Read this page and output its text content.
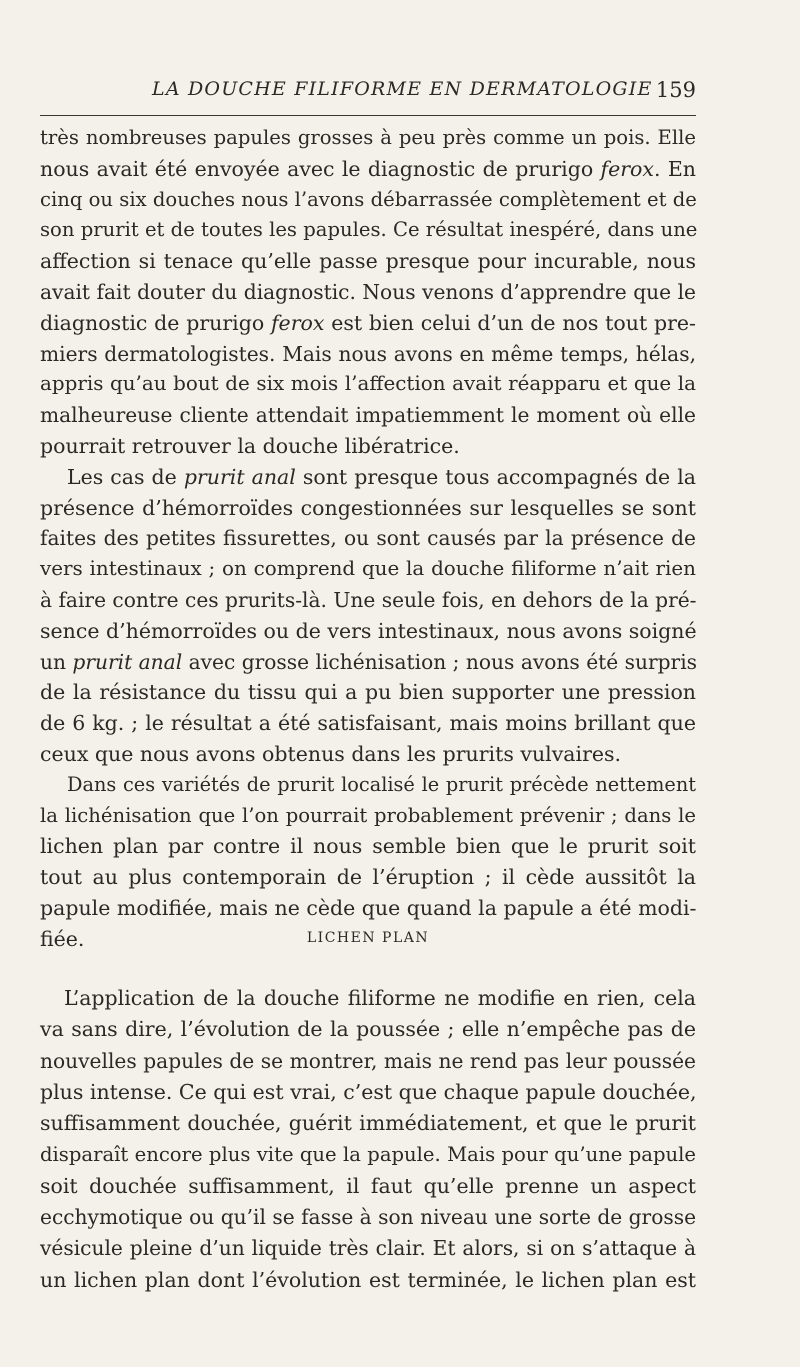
LA DOUCHE FILIFORME EN DERMATOLOGIE 159
très nombreuses papules grosses à peu près comme un pois. Elle
nous avait été envoyée avec le diagnostic de prurigo ferox. En
cinq ou six douches nous l’avons débarrassée complètement et de
son prurit et de toutes les papules. Ce résultat inespéré, dans une
affection si tenace qu’elle passe presque pour incurable, nous
avait fait douter du diagnostic. Nous venons d’apprendre que le
diagnostic de prurigo ferox est bien celui d’un de nos tout pre-
miers dermatologistes. Mais nous avons en même temps, hélas,
appris qu’au bout de six mois l’affection avait réapparu et que la
malheureuse cliente attendait impatiemment le moment où elle
pourrait retrouver la douche libératrice.
Les cas de prurit anal sont presque tous accompagnés de la
présence d’hémorroïdes congestionnées sur lesquelles se sont
faites des petites fissurettes, ou sont causés par la présence de
vers intestinaux ; on comprend que la douche filiforme n’ait rien
à faire contre ces prurits-là. Une seule fois, en dehors de la pré-
sence d’hémorroïdes ou de vers intestinaux, nous avons soigné
un prurit anal avec grosse lichénisation ; nous avons été surpris
de la résistance du tissu qui a pu bien supporter une pression
de 6 kg. ; le résultat a été satisfaisant, mais moins brillant que
ceux que nous avons obtenus dans les prurits vulvaires.
Dans ces variétés de prurit localisé le prurit précède nettement
la lichénisation que l’on pourrait probablement prévenir ; dans le
lichen plan par contre il nous semble bien que le prurit soit
tout au plus contemporain de l’éruption ; il cède aussitôt la
papule modifiée, mais ne cède que quand la papule a été modi-
fiée.	LICHEN PLAN
L’application de la douche filiforme ne modifie en rien, cela
va sans dire, l’évolution de la poussée ; elle n’empêche pas de
nouvelles papules de se montrer, mais ne rend pas leur poussée
plus intense. Ce qui est vrai, c’est que chaque papule douchée,
suffisamment douchée, guérit immédiatement, et que le prurit
disparaît encore plus vite que la papule. Mais pour qu’une papule
soit douchée suffisamment, il faut qu’elle prenne un aspect
ecchymotique ou qu’il se fasse à son niveau une sorte de grosse
vésicule pleine d’un liquide très clair. Et alors, si on s’attaque à
un lichen plan dont l’évolution est terminée, le lichen plan est
